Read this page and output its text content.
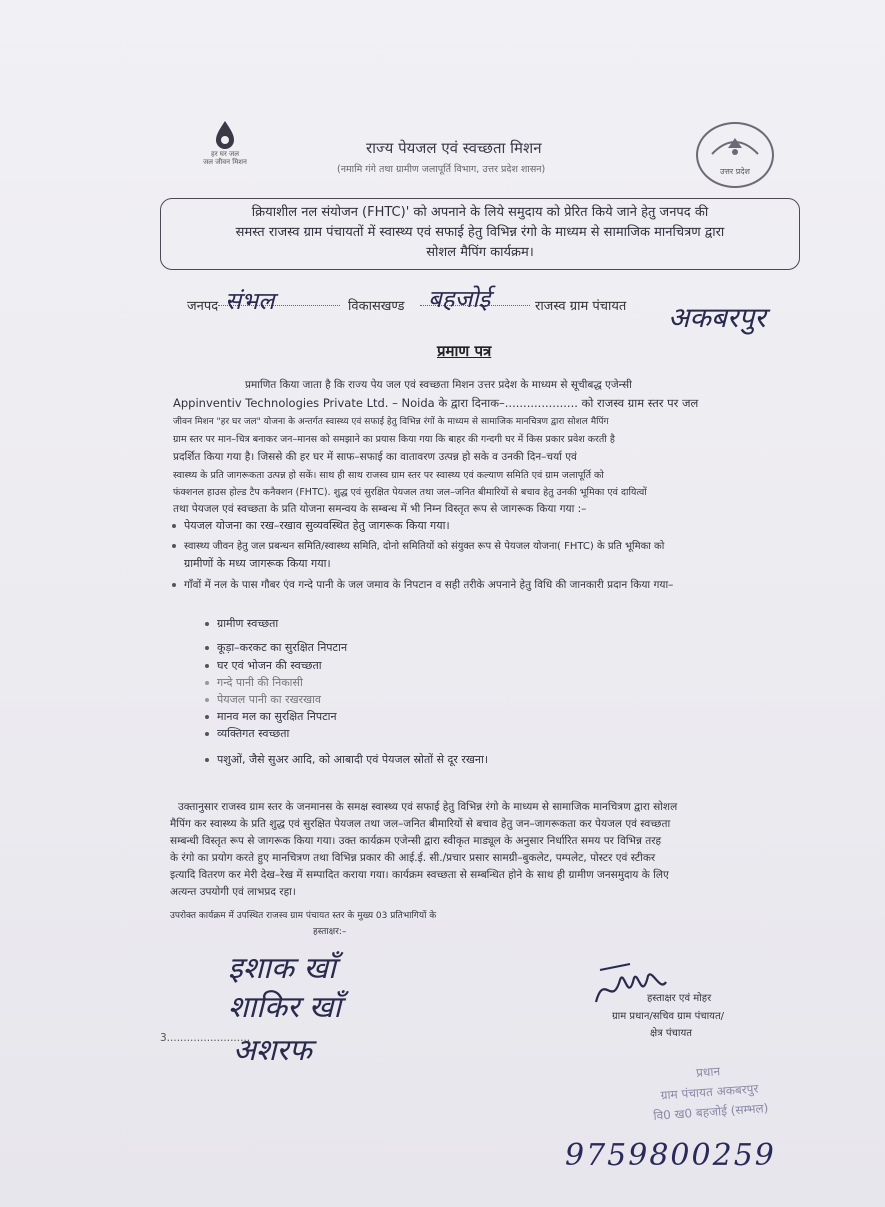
हर घर जल
जल जीवन मिशन
राज्य पेयजल एवं स्वच्छता मिशन
(नमामि गंगे तथा ग्रामीण जलापूर्ति विभाग, उत्तर प्रदेश शासन)	उत्तर प्रदेश
क्रियाशील नल संयोजन (FHTC)' को अपनाने के लिये समुदाय को प्रेरित किये जाने हेतु जनपद की
समस्त राजस्व ग्राम पंचायतों में स्वास्थ्य एवं सफाई हेतु विभिन्न रंगो के माध्यम से सामाजिक मानचित्रण द्वारा
सोशल मैपिंग कार्यक्रम।
जनपद संभल	विकासखण्ड बहजोई	राजस्व ग्राम पंचायत अकबरपुर
प्रमाण पत्र
प्रमाणित किया जाता है कि राज्य पेय जल एवं स्वच्छता मिशन उत्तर प्रदेश के माध्यम से सूचीबद्ध एजेन्सी
Appinventiv Technologies Private Ltd. – Noida के द्वारा दिनाक–.................... को राजस्व ग्राम स्तर पर जल
जीवन मिशन "हर घर जल" योजना के अन्तर्गत स्वास्थ्य एवं सफाई हेतु विभिन्न रंगों के माध्यम से सामाजिक मानचित्रण द्वारा सोशल मैपिंग
ग्राम स्तर पर मान–चित्र बनाकर जन–मानस को समझाने का प्रयास किया गया कि बाहर की गन्दगी घर में किस प्रकार प्रवेश करती है
प्रदर्शित किया गया है। जिससे की हर घर में साफ–सफाई का वातावरण उत्पन्न हो सके व उनकी दिन–चर्या एवं
स्वास्थ्य के प्रति जागरूकता उत्पन्न हो सकें। साथ ही साथ राजस्व ग्राम स्तर पर स्वास्थ्य एवं कल्याण समिति एवं ग्राम जलापूर्ति को
फंक्शनल हाउस होल्ड टैप कनैक्शन (FHTC). शुद्ध एवं सुरक्षित पेयजल तथा जल–जनित बीमारियों से बचाव हेतु उनकी भूमिका एवं दायित्वों
तथा पेयजल एवं स्वच्छता के प्रति योजना समन्वय के सम्बन्ध में भी निम्न विस्तृत रूप से जागरूक किया गया :–
पेयजल योजना का रख–रखाव सुव्यवस्थित हेतु जागरूक किया गया।
स्वास्थ्य जीवन हेतु जल प्रबन्धन समिति/स्वास्थ्य समिति, दोनो समितियों को संयुक्त रूप से पेयजल योजना( FHTC) के प्रति भूमिका को
ग्रामीणों के मध्य जागरूक किया गया।
गाँवों में नल के पास गौबर एंव गन्दे पानी के जल जमाव के निपटान व सही तरीके अपनाने हेतु विधि की जानकारी प्रदान किया गया–
ग्रामीण स्वच्छता
कूड़ा–करकट का सुरक्षित निपटान
घर एवं भोजन की स्वच्छता
गन्दे पानी की निकासी
पेयजल पानी का रखरखाव
मानव मल का सुरक्षित निपटान
व्यक्तिगत स्वच्छता
पशुओं, जैसे सुअर आदि, को आबादी एवं पेयजल स्रोतों से दूर रखना।
उक्तानुसार राजस्व ग्राम स्तर के जनमानस के समक्ष स्वास्थ्य एवं सफाई हेतु विभिन्न रंगो के माध्यम से सामाजिक मानचित्रण द्वारा सोशल
मैपिंग कर स्वास्थ्य के प्रति शुद्ध एवं सुरक्षित पेयजल तथा जल–जनित बीमारियों से बचाव हेतु जन–जागरूकता कर पेयजल एवं स्वच्छता
सम्बन्धी विस्तृत रूप से जागरूक किया गया। उक्त कार्यक्रम एजेन्सी द्वारा स्वीकृत माड्यूल के अनुसार निर्धारित समय पर विभिन्न तरह
के रंगो का प्रयोग करते हुए मानचित्रण तथा विभिन्न प्रकार की आई.ई. सी./प्रचार प्रसार सामग्री–बुकलेट, पम्पलेट, पोस्टर एवं स्टीकर
इत्यादि वितरण कर मेरी देख–रेख में सम्पादित कराया गया। कार्यक्रम स्वच्छता से सम्बन्धित होने के साथ ही ग्रामीण जनसमुदाय के लिए
अत्यन्त उपयोगी एवं लाभप्रद रहा।
उपरोक्त कार्यक्रम में उपस्थित राजस्व ग्राम पंचायत स्तर के मुख्य 03 प्रतिभागियों के
हस्ताक्षर:–
इशाक खाँ
शाकिर खाँ
3.........................
अशरफ
हस्ताक्षर एवं मोहर
ग्राम प्रधान/सचिव ग्राम पंचायत/
क्षेत्र पंचायत
प्रधान
ग्राम पंचायत अकबरपुर
वि0 ख0 बहजोई (सम्भल)
9759800259
